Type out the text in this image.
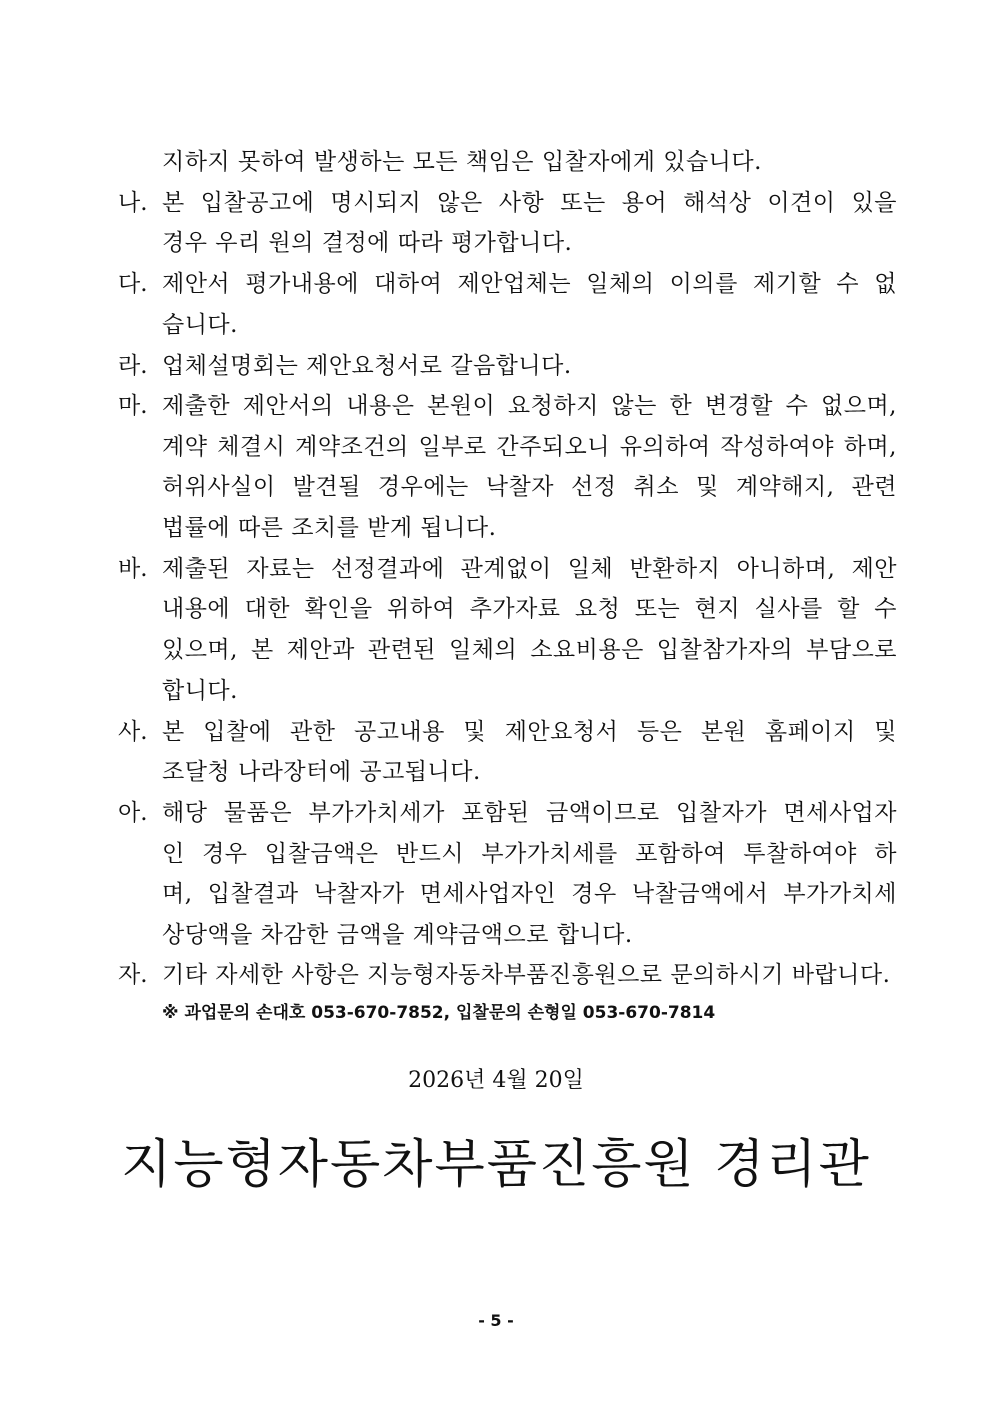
지하지 못하여 발생하는 모든 책임은 입찰자에게 있습니다.
나. 본 입찰공고에 명시되지 않은 사항 또는 용어 해석상 이견이 있을
경우 우리 원의 결정에 따라 평가합니다.
다. 제안서 평가내용에 대하여 제안업체는 일체의 이의를 제기할 수 없
습니다.
라. 업체설명회는 제안요청서로 갈음합니다.
마. 제출한 제안서의 내용은 본원이 요청하지 않는 한 변경할 수 없으며,
계약 체결시 계약조건의 일부로 간주되오니 유의하여 작성하여야 하며,
허위사실이 발견될 경우에는 낙찰자 선정 취소 및 계약해지, 관련
법률에 따른 조치를 받게 됩니다.
바. 제출된 자료는 선정결과에 관계없이 일체 반환하지 아니하며, 제안
내용에 대한 확인을 위하여 추가자료 요청 또는 현지 실사를 할 수
있으며, 본 제안과 관련된 일체의 소요비용은 입찰참가자의 부담으로
합니다.
사. 본 입찰에 관한 공고내용 및 제안요청서 등은 본원 홈페이지 및
조달청 나라장터에 공고됩니다.
아. 해당 물품은 부가가치세가 포함된 금액이므로 입찰자가 면세사업자
인 경우 입찰금액은 반드시 부가가치세를 포함하여 투찰하여야 하
며, 입찰결과 낙찰자가 면세사업자인 경우 낙찰금액에서 부가가치세
상당액을 차감한 금액을 계약금액으로 합니다.
자. 기타 자세한 사항은 지능형자동차부품진흥원으로 문의하시기 바랍니다.
※ 과업문의 손대호 053-670-7852, 입찰문의 손형일 053-670-7814
2026년 4월 20일
지능형자동차부품진흥원 경리관
- 5 -
